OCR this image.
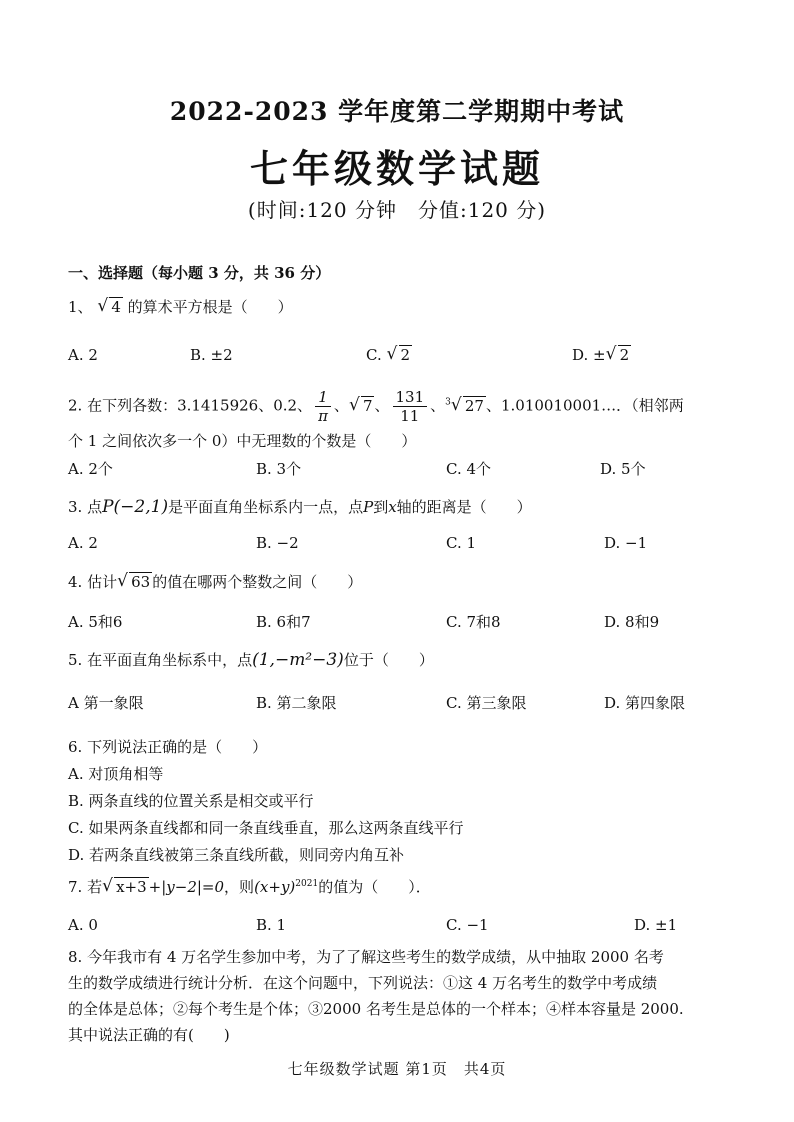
2022-2023 学年度第二学期期中考试
七年级数学试题
(时间:120 分钟　分值:120 分)
一、选择题（每小题 3 分，共 36 分）
1、 √ 4 的算术平方根是（　　）
A. 2	B. ±2	C. √ 2	D. ± √ 2
2. 在下列各数：3.1415926、0.2、 $\frac{1}{\pi}$ 、 √ 7 、 $\frac{131}{11}$ 、$^3$ √ 27 、1.010010001…．（相邻两
个 1 之间依次多一个 0）中无理数的个数是（　　）
A. 2个	B. 3个	C. 4个	D. 5个
3. 点P(−2,1)是平面直角坐标系内一点，点P到x轴的距离是（　　）
A. 2	B. −2	C. 1	D. −1
4. 估计 √ 63 的值在哪两个整数之间（　　）
A. 5和6	B. 6和7	C. 7和8	D. 8和9
5. 在平面直角坐标系中，点(1,−m²−3)位于（　　）
A 第一象限	B. 第二象限	C. 第三象限	D. 第四象限
6. 下列说法正确的是（　　）
A. 对顶角相等
B. 两条直线的位置关系是相交或平行
C. 如果两条直线都和同一条直线垂直，那么这两条直线平行
D. 若两条直线被第三条直线所截，则同旁内角互补
7. 若 √ x+3 +|y−2|=0，则$(x+y)^{2021}$的值为（　　）．
A. 0	B. 1	C. −1	D. ±1
8. 今年我市有 4 万名学生参加中考，为了了解这些考生的数学成绩，从中抽取 2000 名考
生的数学成绩进行统计分析．在这个问题中，下列说法：①这 4 万名考生的数学中考成绩
的全体是总体；②每个考生是个体；③2000 名考生是总体的一个样本；④样本容量是 2000.
其中说法正确的有(　　)
七年级数学试题 第1页　共4页
